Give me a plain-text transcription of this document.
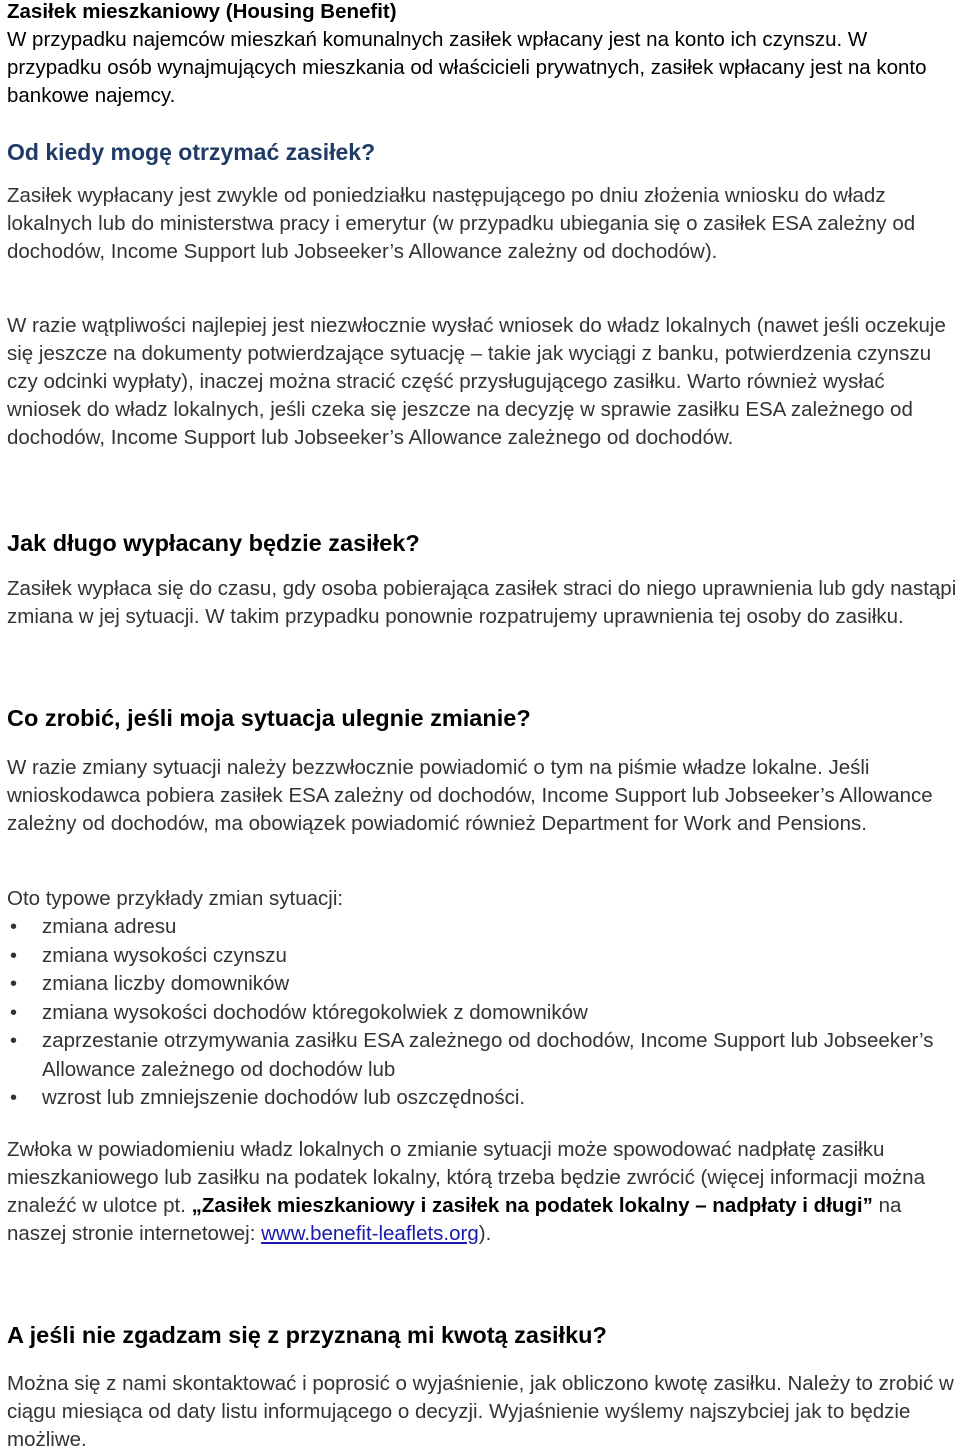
Zasiłek mieszkaniowy (Housing Benefit)

W przypadku najemców mieszkań komunalnych zasiłek wpłacany jest na konto ich czynszu. W przypadku osób wynajmujących mieszkania od właścicieli prywatnych, zasiłek wpłacany jest na konto bankowe najemcy.

Od kiedy mogę otrzymać zasiłek?

Zasiłek wypłacany jest zwykle od poniedziałku następującego po dniu złożenia wniosku do władz lokalnych lub do ministerstwa pracy i emerytur (w przypadku ubiegania się o zasiłek ESA zależny od dochodów, Income Support lub Jobseeker’s Allowance zależny od dochodów).

W razie wątpliwości najlepiej jest niezwłocznie wysłać wniosek do władz lokalnych (nawet jeśli oczekuje się jeszcze na dokumenty potwierdzające sytuację – takie jak wyciągi z banku, potwierdzenia czynszu czy odcinki wypłaty), inaczej można stracić część przysługującego zasiłku. Warto również wysłać wniosek do władz lokalnych, jeśli czeka się jeszcze na decyzję w sprawie zasiłku ESA zależnego od dochodów, Income Support lub Jobseeker’s Allowance zależnego od dochodów.

Jak długo wypłacany będzie zasiłek?

Zasiłek wypłaca się do czasu, gdy osoba pobierająca zasiłek straci do niego uprawnienia lub gdy nastąpi zmiana w jej sytuacji. W takim przypadku ponownie rozpatrujemy uprawnienia tej osoby do zasiłku.

Co zrobić, jeśli moja sytuacja ulegnie zmianie?

W razie zmiany sytuacji należy bezzwłocznie powiadomić o tym na piśmie władze lokalne. Jeśli wnioskodawca pobiera zasiłek ESA zależny od dochodów, Income Support lub Jobseeker’s Allowance zależny od dochodów, ma obowiązek powiadomić również Department for Work and Pensions.

Oto typowe przykłady zmian sytuacji:

• zmiana adresu
• zmiana wysokości czynszu
• zmiana liczby domowników
• zmiana wysokości dochodów któregokolwiek z domowników
• zaprzestanie otrzymywania zasiłku ESA zależnego od dochodów, Income Support lub Jobseeker’s Allowance zależnego od dochodów lub
• wzrost lub zmniejszenie dochodów lub oszczędności.

Zwłoka w powiadomieniu władz lokalnych o zmianie sytuacji może spowodować nadpłatę zasiłku mieszkaniowego lub zasiłku na podatek lokalny, którą trzeba będzie zwrócić (więcej informacji można znaleźć w ulotce pt. „Zasiłek mieszkaniowy i zasiłek na podatek lokalny – nadpłaty i długi” na naszej stronie internetowej: www.benefit-leaflets.org).

A jeśli nie zgadzam się z przyznaną mi kwotą zasiłku?

Można się z nami skontaktować i poprosić o wyjaśnienie, jak obliczono kwotę zasiłku. Należy to zrobić w ciągu miesiąca od daty listu informującego o decyzji. Wyjaśnienie wyślemy najszybciej jak to będzie możliwe.
